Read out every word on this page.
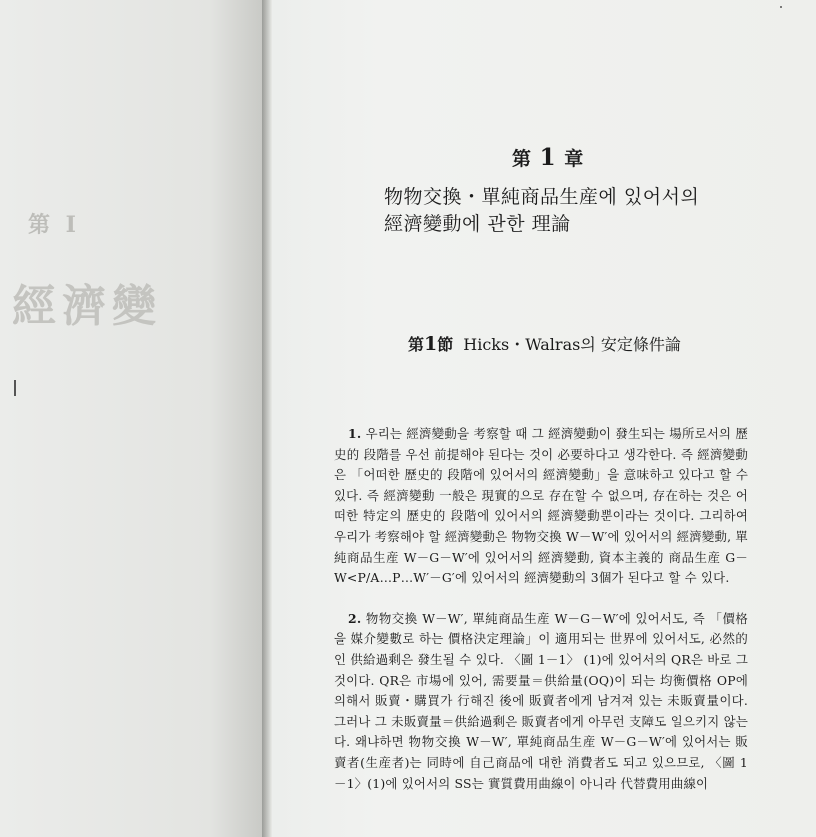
第 I
經濟變
第 1 章
物物交換・單純商品生産에 있어서의
經濟變動에 관한 理論
第1節 Hicks・Walras의 安定條件論

1. 우리는 經濟變動을 考察할 때 그 經濟變動이 發生되는 場所로서의 歷史的 段階를 우선 前提해야 된다는 것이 必要하다고 생각한다. 즉 經濟變動은 「어떠한 歷史的 段階에 있어서의 經濟變動」을 意味하고 있다고 할 수 있다. 즉 經濟變動 一般은 現實的으로 存在할 수 없으며, 存在하는 것은 어떠한 特定의 歷史的 段階에 있어서의 經濟變動뿐이라는 것이다. 그리하여 우리가 考察해야 할 經濟變動은 物物交換 W－W′에 있어서의 經濟變動, 單純商品生産 W－G－W′에 있어서의 經濟變動, 資本主義的 商品生産 G－W<P/A…P…W′－G′에 있어서의 經濟變動의 3個가 된다고 할 수 있다.

2. 物物交換 W－W′, 單純商品生産 W－G－W′에 있어서도, 즉 「價格을 媒介變數로 하는 價格決定理論」이 適用되는 世界에 있어서도, 必然的인 供給過剩은 發生될 수 있다. 〈圖 1－1〉 (1)에 있어서의 QR은 바로 그것이다. QR은 市場에 있어, 需要量＝供給量(OQ)이 되는 均衡價格 OP에 의해서 販賣・購買가 行해진 後에 販賣者에게 남겨져 있는 未販賣量이다. 그러나 그 未販賣量＝供給過剩은 販賣者에게 아무런 支障도 일으키지 않는다. 왜냐하면 物物交換 W－W′, 單純商品生産 W－G－W′에 있어서는 販賣者(生産者)는 同時에 自己商品에 대한 消費者도 되고 있으므로, 〈圖 1－1〉(1)에 있어서의 SS는 實質費用曲線이 아니라 代替費用曲線이
